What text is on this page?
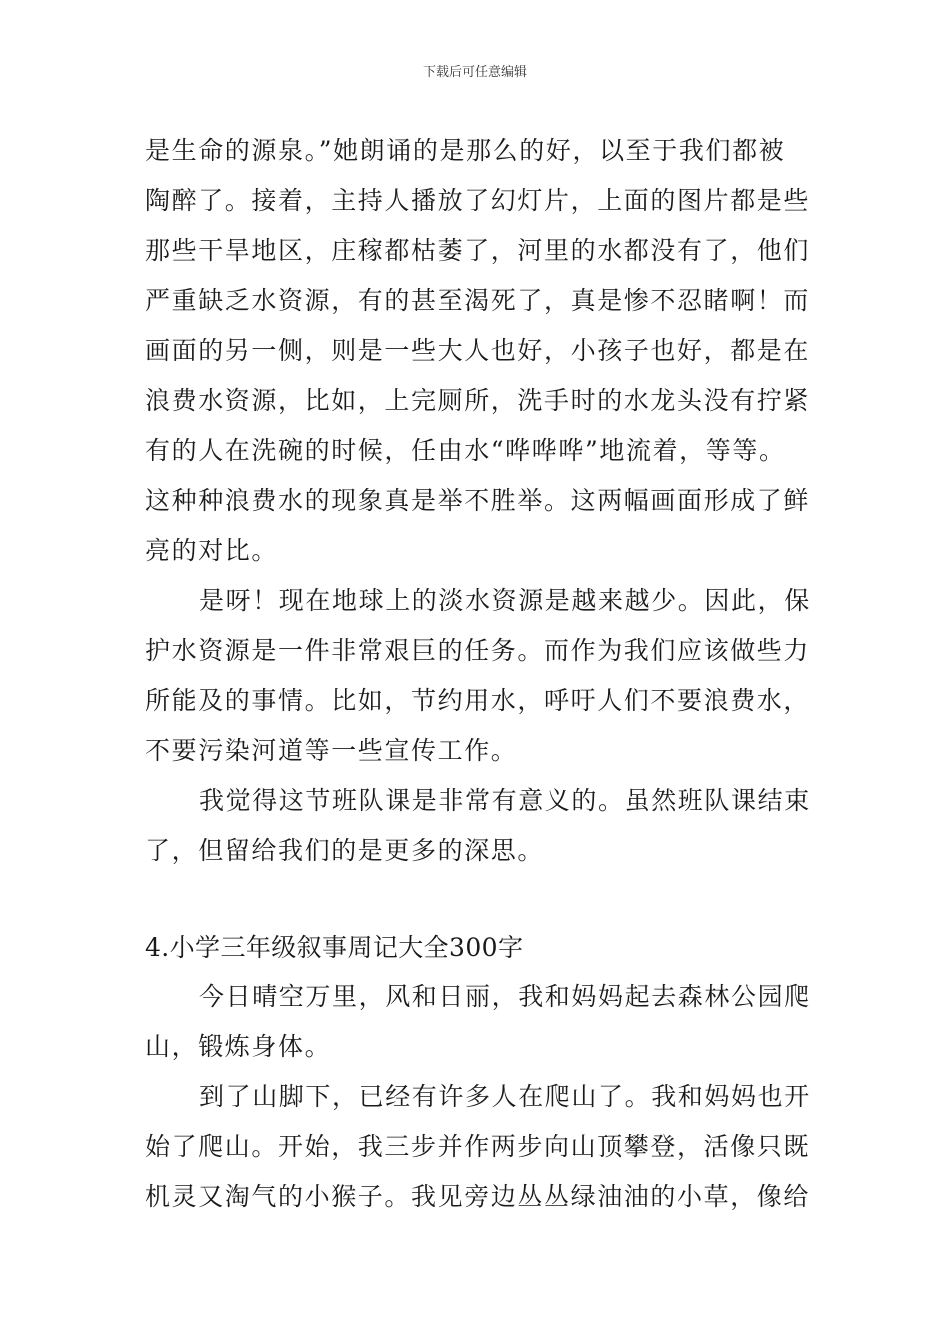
下载后可任意编辑
是生命的源泉。”她朗诵的是那么的好，以至于我们都被
陶醉了。接着，主持人播放了幻灯片，上面的图片都是些
那些干旱地区，庄稼都枯萎了，河里的水都没有了，他们
严重缺乏水资源，有的甚至渴死了，真是惨不忍睹啊！而
画面的另一侧，则是一些大人也好，小孩子也好，都是在
浪费水资源，比如，上完厕所，洗手时的水龙头没有拧紧
有的人在洗碗的时候，任由水“哗哗哗”地流着，等等。
这种种浪费水的现象真是举不胜举。这两幅画面形成了鲜
亮的对比。
是呀！现在地球上的淡水资源是越来越少。因此，保
护水资源是一件非常艰巨的任务。而作为我们应该做些力
所能及的事情。比如，节约用水，呼吁人们不要浪费水，
不要污染河道等一些宣传工作。
我觉得这节班队课是非常有意义的。虽然班队课结束
了，但留给我们的是更多的深思。
4.小学三年级叙事周记大全300字
今日晴空万里，风和日丽，我和妈妈起去森林公园爬
山，锻炼身体。
到了山脚下，已经有许多人在爬山了。我和妈妈也开
始了爬山。开始，我三步并作两步向山顶攀登，活像只既
机灵又淘气的小猴子。我见旁边丛丛绿油油的小草，像给
